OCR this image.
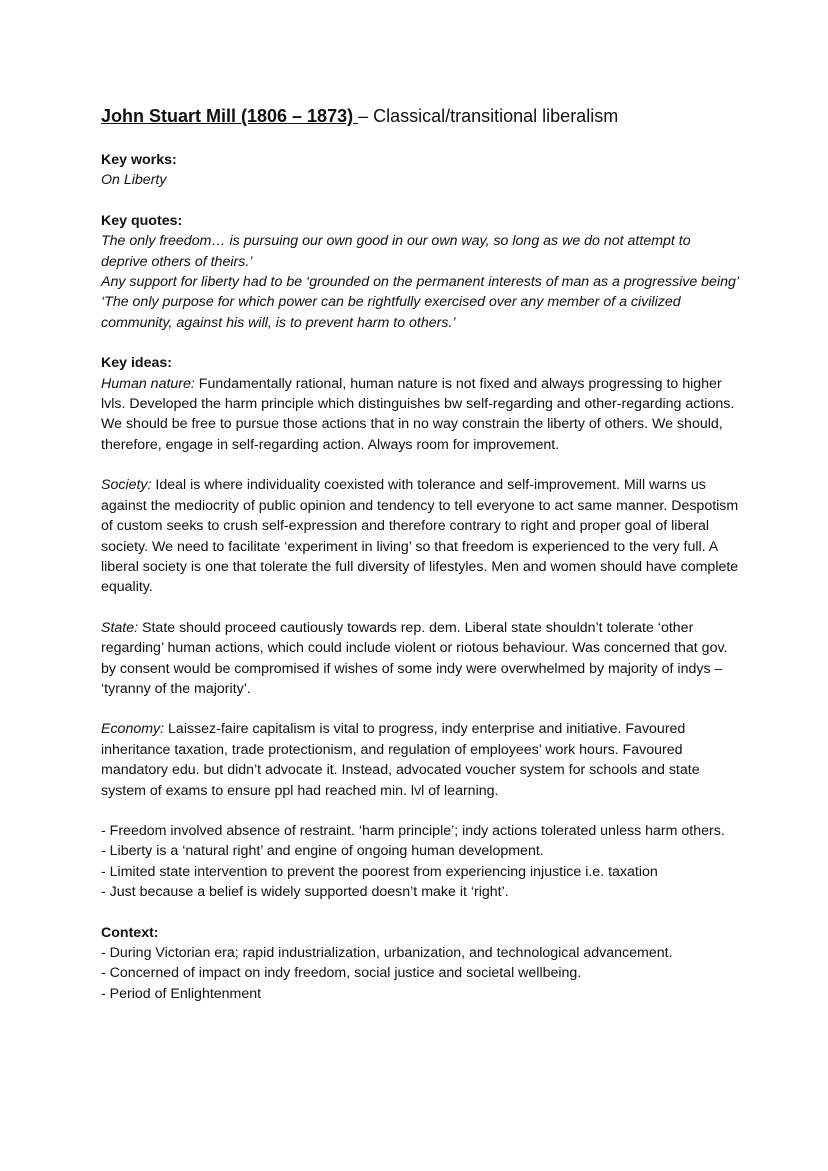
John Stuart Mill (1806 – 1873) – Classical/transitional liberalism
Key works:
On Liberty
Key quotes:
The only freedom… is pursuing our own good in our own way, so long as we do not attempt to deprive others of theirs.’
Any support for liberty had to be ‘grounded on the permanent interests of man as a progressive being’
‘The only purpose for which power can be rightfully exercised over any member of a civilized community, against his will, is to prevent harm to others.’
Key ideas:

Human nature: Fundamentally rational, human nature is not fixed and always progressing to higher lvls. Developed the harm principle which distinguishes bw self-regarding and other-regarding actions. We should be free to pursue those actions that in no way constrain the liberty of others. We should, therefore, engage in self-regarding action. Always room for improvement.

Society: Ideal is where individuality coexisted with tolerance and self-improvement. Mill warns us against the mediocrity of public opinion and tendency to tell everyone to act same manner. Despotism of custom seeks to crush self-expression and therefore contrary to right and proper goal of liberal society. We need to facilitate ‘experiment in living’ so that freedom is experienced to the very full. A liberal society is one that tolerate the full diversity of lifestyles. Men and women should have complete equality.

State: State should proceed cautiously towards rep. dem. Liberal state shouldn’t tolerate ‘other regarding’ human actions, which could include violent or riotous behaviour. Was concerned that gov. by consent would be compromised if wishes of some indy were overwhelmed by majority of indys – ‘tyranny of the majority’.

Economy: Laissez-faire capitalism is vital to progress, indy enterprise and initiative. Favoured inheritance taxation, trade protectionism, and regulation of employees’ work hours. Favoured mandatory edu. but didn’t advocate it. Instead, advocated voucher system for schools and state system of exams to ensure ppl had reached min. lvl of learning.

- Freedom involved absence of restraint. ‘harm principle’; indy actions tolerated unless harm others.
- Liberty is a ‘natural right’ and engine of ongoing human development.
- Limited state intervention to prevent the poorest from experiencing injustice i.e. taxation
- Just because a belief is widely supported doesn’t make it ‘right’.
Context:
- During Victorian era; rapid industrialization, urbanization, and technological advancement.
- Concerned of impact on indy freedom, social justice and societal wellbeing.
- Period of Enlightenment
